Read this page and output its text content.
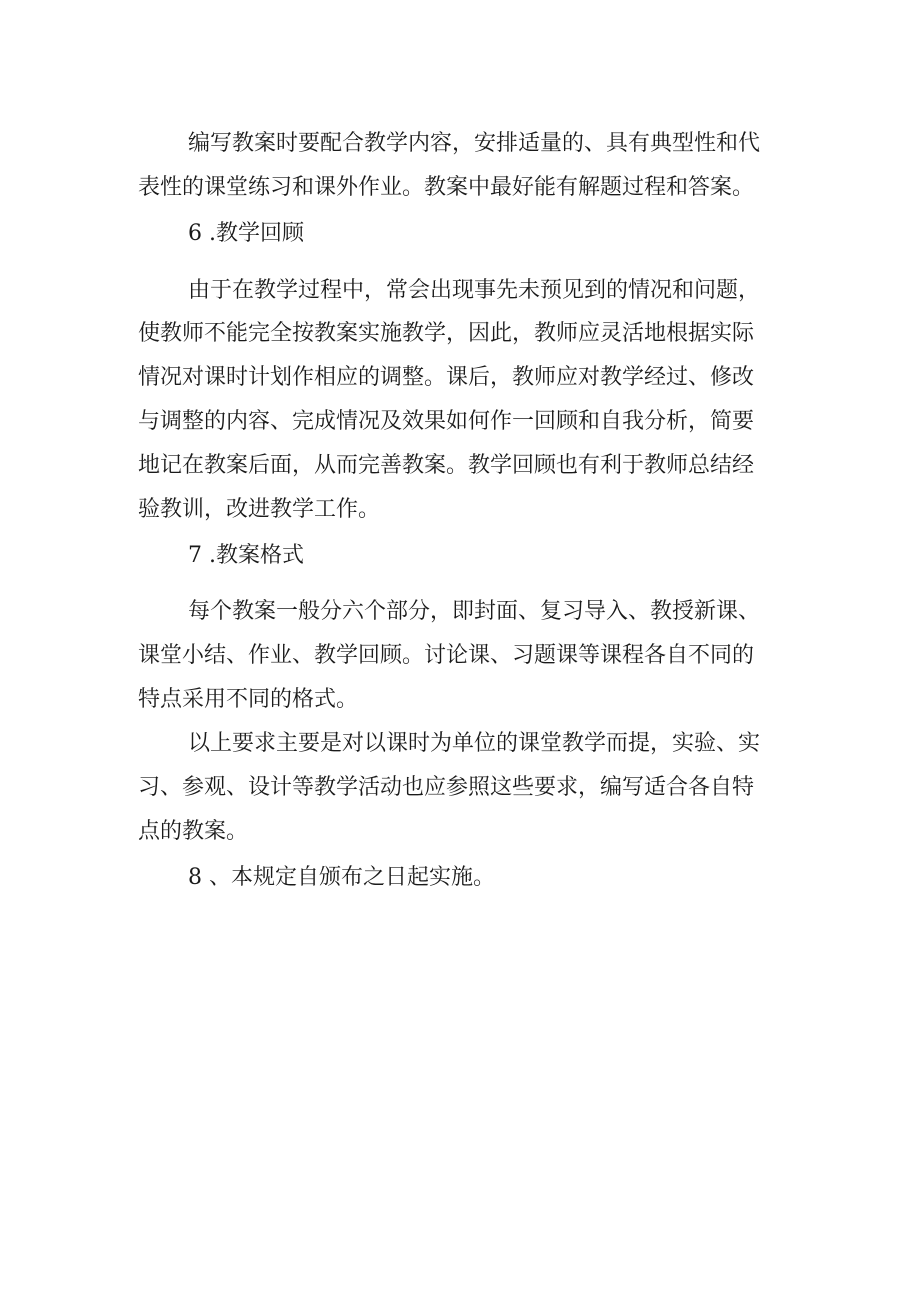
编写教案时要配合教学内容，安排适量的、具有典型性和代
表性的课堂练习和课外作业。教案中最好能有解题过程和答案。
6 .教学回顾
由于在教学过程中，常会出现事先未预见到的情况和问题，
使教师不能完全按教案实施教学，因此，教师应灵活地根据实际
情况对课时计划作相应的调整。课后，教师应对教学经过、修改
与调整的内容、完成情况及效果如何作一回顾和自我分析，简要
地记在教案后面，从而完善教案。教学回顾也有利于教师总结经
验教训，改进教学工作。
7 .教案格式
每个教案一般分六个部分，即封面、复习导入、教授新课、
课堂小结、作业、教学回顾。讨论课、习题课等课程各自不同的
特点采用不同的格式。
以上要求主要是对以课时为单位的课堂教学而提，实验、实
习、参观、设计等教学活动也应参照这些要求，编写适合各自特
点的教案。
8 、本规定自颁布之日起实施。
